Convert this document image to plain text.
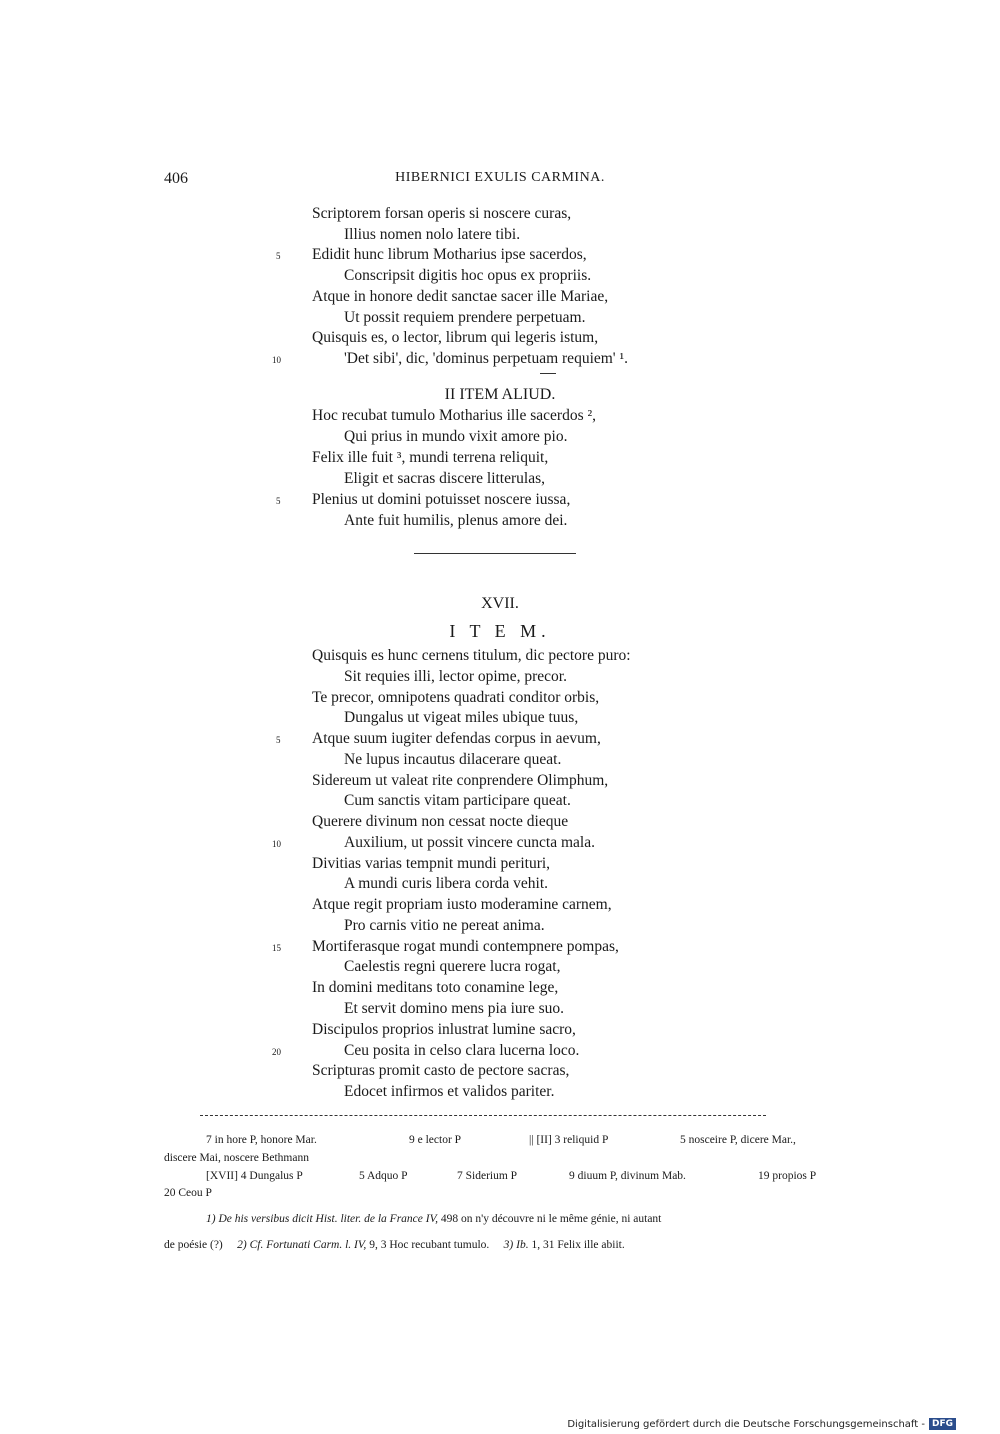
406	HIBERNICI EXULIS CARMINA.
Scriptorem forsan operis si noscere curas,
Illius nomen nolo latere tibi.
5 Edidit hunc librum Motharius ipse sacerdos,
Conscripsit digitis hoc opus ex propriis.
Atque in honore dedit sanctae sacer ille Mariae,
Ut possit requiem prendere perpetuam.
Quisquis es, o lector, librum qui legeris istum,
10	'Det sibi', dic, 'dominus perpetuam requiem' ¹.
II ITEM ALIUD.
Hoc recubat tumulo Motharius ille sacerdos ²,
Qui prius in mundo vixit amore pio.
Felix ille fuit ³, mundi terrena reliquit,
Eligit et sacras discere litterulas,
5 Plenius ut domini potuisset noscere iussa,
Ante fuit humilis, plenus amore dei.
XVII.
I T E M.
Quisquis es hunc cernens titulum, dic pectore puro:
Sit requies illi, lector opime, precor.
Te precor, omnipotens quadrati conditor orbis,
Dungalus ut vigeat miles ubique tuus,
5 Atque suum iugiter defendas corpus in aevum,
Ne lupus incautus dilacerare queat.
Sidereum ut valeat rite conprendere Olimphum,
Cum sanctis vitam participare queat.
Querere divinum non cessat nocte dieque
10	Auxilium, ut possit vincere cuncta mala.
Divitias varias tempnit mundi perituri,
A mundi curis libera corda vehit.
Atque regit propriam iusto moderamine carnem,
Pro carnis vitio ne pereat anima.
15 Mortiferasque rogat mundi contempnere pompas,
Caelestis regni querere lucra rogat,
In domini meditans toto conamine lege,
Et servit domino mens pia iure suo.
Discipulos proprios inlustrat lumine sacro,
20	Ceu posita in celso clara lucerna loco.
Scripturas promit casto de pectore sacras,
Edocet infirmos et validos pariter.
7 in hore P, honore Mar.	9 e lector P	|| [II] 3 reliquid P	5 nosceire P, dicere Mar.,
discere Mai, noscere Bethmann
[XVII] 4 Dungalus P	5 Adquo P	7 Siderium P	9 diuum P, divinum Mab.	19 propios P
20 Ceou P
1) De his versibus dicit Hist. liter. de la France IV, 498 on n'y découvre ni le même génie, ni autant
de poésie (?) 2) Cf. Fortunati Carm. l. IV, 9, 3 Hoc recubant tumulo. 3) Ib. 1, 31 Felix ille abiit.
Digitalisierung gefördert durch die Deutsche Forschungsgemeinschaft - DFG
